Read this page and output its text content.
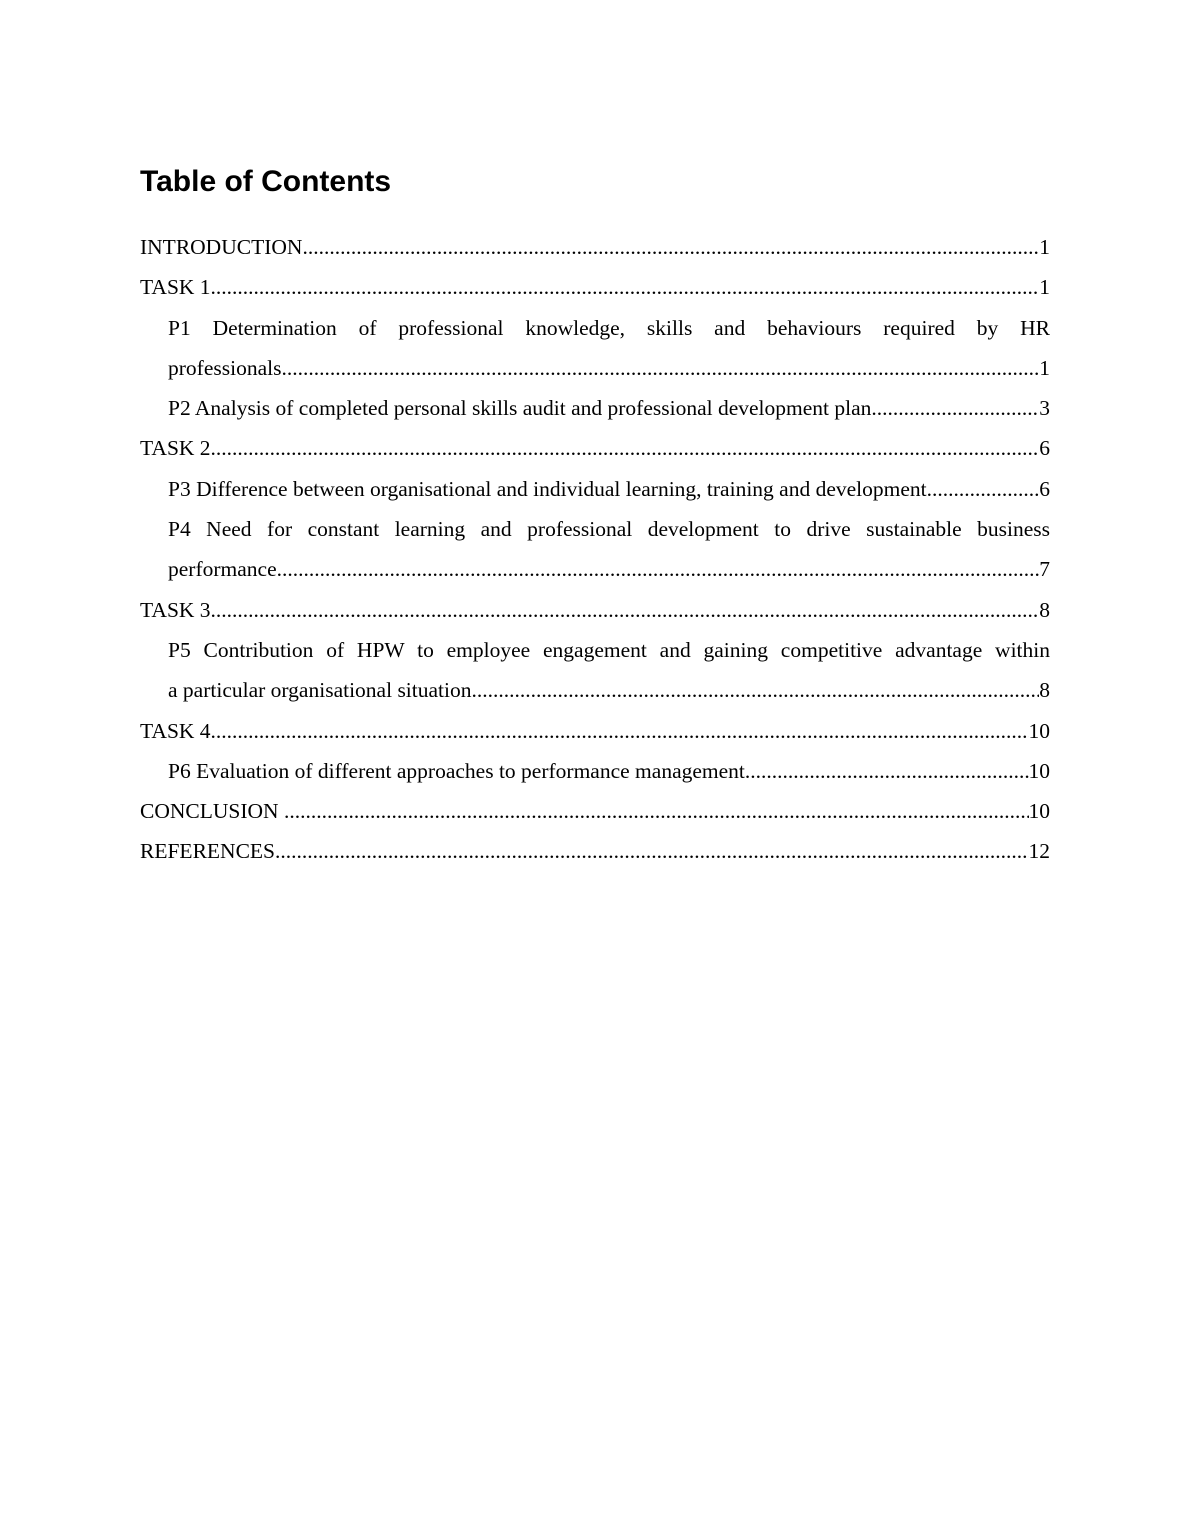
Table of Contents
INTRODUCTION .....	1
TASK 1 .....	1
P1 Determination of professional knowledge, skills and behaviours required by HR
professionals .....	1
P2 Analysis of completed personal skills audit and professional development plan .....	3
TASK 2 .....	6
P3 Difference between organisational and individual learning, training and development .....	6
P4 Need for constant learning and professional development to drive sustainable business
performance .....	7
TASK 3 .....	8
P5 Contribution of HPW to employee engagement and gaining competitive advantage within
a particular organisational situation .....	8
TASK 4 .....	10
P6 Evaluation of different approaches to performance management .....	10
CONCLUSION .....	10
REFERENCES .....	12
